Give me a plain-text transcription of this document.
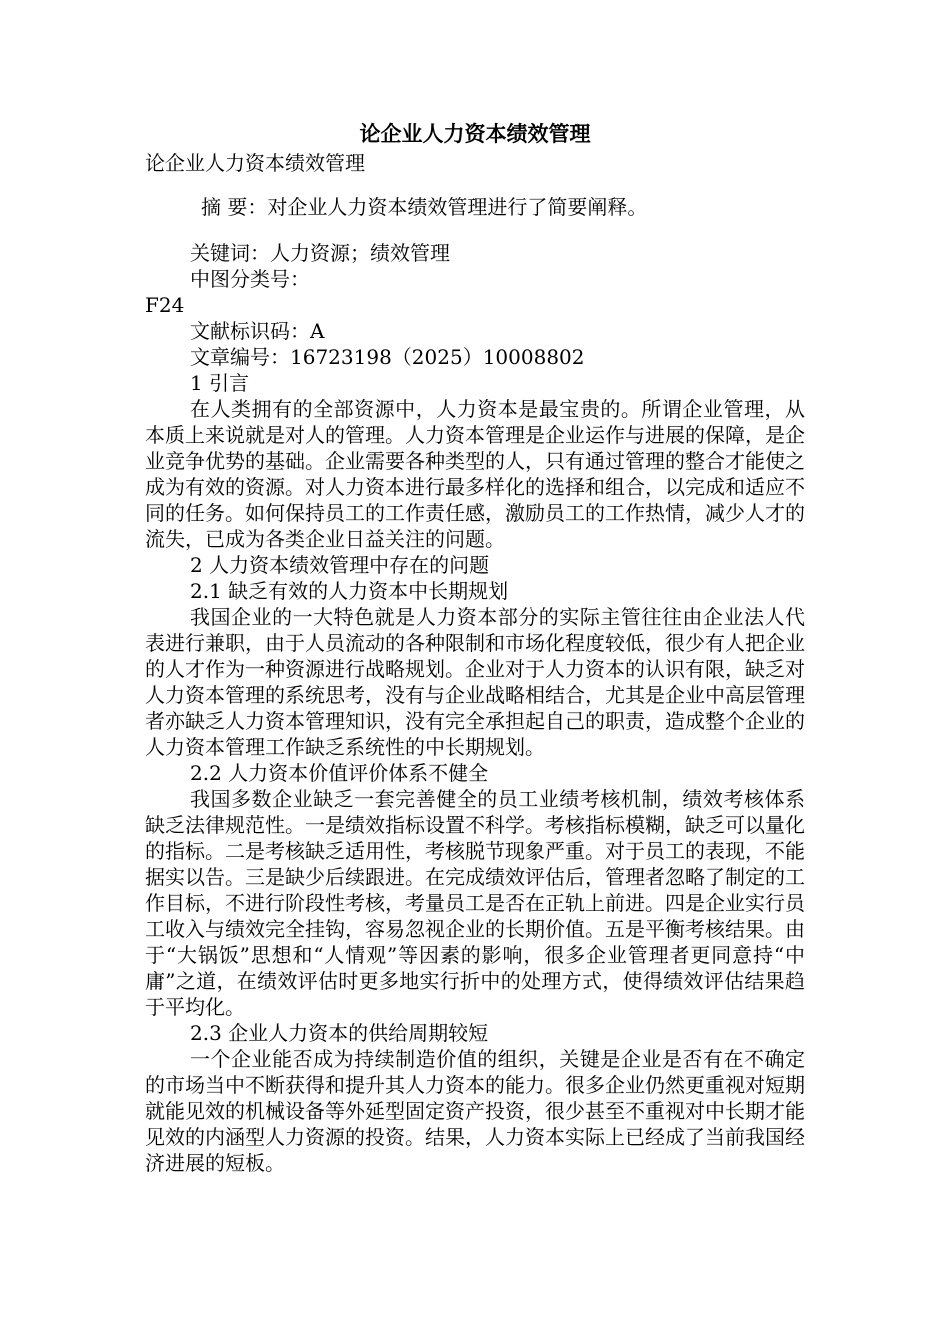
论企业人力资本绩效管理

论企业人力资本绩效管理

摘 要：对企业人力资本绩效管理进行了简要阐释。

关键词：人力资源；绩效管理

中图分类号：

F24

文献标识码：A

文章编号：16723198（2025）10008802

1 引言

在人类拥有的全部资源中，人力资本是最宝贵的。所谓企业管理，从本质上来说就是对人的管理。人力资本管理是企业运作与进展的保障，是企业竞争优势的基础。企业需要各种类型的人，只有通过管理的整合才能使之成为有效的资源。对人力资本进行最多样化的选择和组合，以完成和适应不同的任务。如何保持员工的工作责任感，激励员工的工作热情，减少人才的流失，已成为各类企业日益关注的问题。

2 人力资本绩效管理中存在的问题

2.1 缺乏有效的人力资本中长期规划

我国企业的一大特色就是人力资本部分的实际主管往往由企业法人代表进行兼职，由于人员流动的各种限制和市场化程度较低，很少有人把企业的人才作为一种资源进行战略规划。企业对于人力资本的认识有限，缺乏对人力资本管理的系统思考，没有与企业战略相结合，尤其是企业中高层管理者亦缺乏人力资本管理知识，没有完全承担起自己的职责，造成整个企业的人力资本管理工作缺乏系统性的中长期规划。

2.2 人力资本价值评价体系不健全

我国多数企业缺乏一套完善健全的员工业绩考核机制，绩效考核体系缺乏法律规范性。一是绩效指标设置不科学。考核指标模糊，缺乏可以量化的指标。二是考核缺乏适用性，考核脱节现象严重。对于员工的表现，不能据实以告。三是缺少后续跟进。在完成绩效评估后，管理者忽略了制定的工作目标，不进行阶段性考核，考量员工是否在正轨上前进。四是企业实行员工收入与绩效完全挂钩，容易忽视企业的长期价值。五是平衡考核结果。由于“大锅饭”思想和“人情观”等因素的影响，很多企业管理者更同意持“中庸”之道，在绩效评估时更多地实行折中的处理方式，使得绩效评估结果趋于平均化。

2.3 企业人力资本的供给周期较短

一个企业能否成为持续制造价值的组织，关键是企业是否有在不确定的市场当中不断获得和提升其人力资本的能力。很多企业仍然更重视对短期就能见效的机械设备等外延型固定资产投资，很少甚至不重视对中长期才能见效的内涵型人力资源的投资。结果，人力资本实际上已经成了当前我国经济进展的短板。
